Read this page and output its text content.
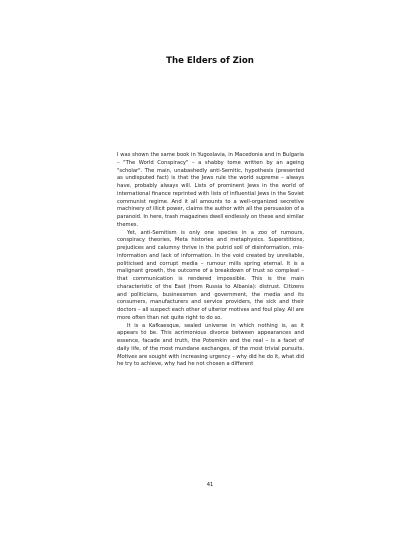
The Elders of Zion

I was shown the same book in Yugoslavia, in Macedonia and in Bulgaria – "The World Conspiracy" – a shabby tome written by an ageing "scholar". The main, unabashedly anti-Semitic, hypothesis (presented as undisputed fact) is that the Jews rule the world supreme – always have, probably always will. Lists of prominent Jews in the world of international finance reprinted with lists of influential Jews in the Soviet communist regime. And it all amounts to a well-organized secretive machinery of illicit power, claims the author with all the persuasion of a paranoid. In here, trash magazines dwell endlessly on these and similar themes.

Yet, anti-Semitism is only one species in a zoo of rumours, conspiracy theories, Meta histories and metaphysics. Superstitions, prejudices and calumny thrive in the putrid soil of disinformation, mis-information and lack of information. In the void created by unreliable, politicised and corrupt media – rumour mills spring eternal. It is a malignant growth, the outcome of a breakdown of trust so compleat – that communication is rendered impossible. This is the main characteristic of the East (from Russia to Albania): distrust. Citizens and politicians, businessmen and government, the media and its consumers, manufacturers and service providers, the sick and their doctors – all suspect each other of ulterior motives and foul play. All are more often than not quite right to do so.

It is a Kafkaesque, sealed universe in which nothing is, as it appears to be. This acrimonious divorce between appearances and essence, facade and truth, the Potemkin and the real – is a facet of daily life, of the most mundane exchanges, of the most trivial pursuits. Motives are sought with increasing urgency – why did he do it, what did he try to achieve, why had he not chosen a different

41
